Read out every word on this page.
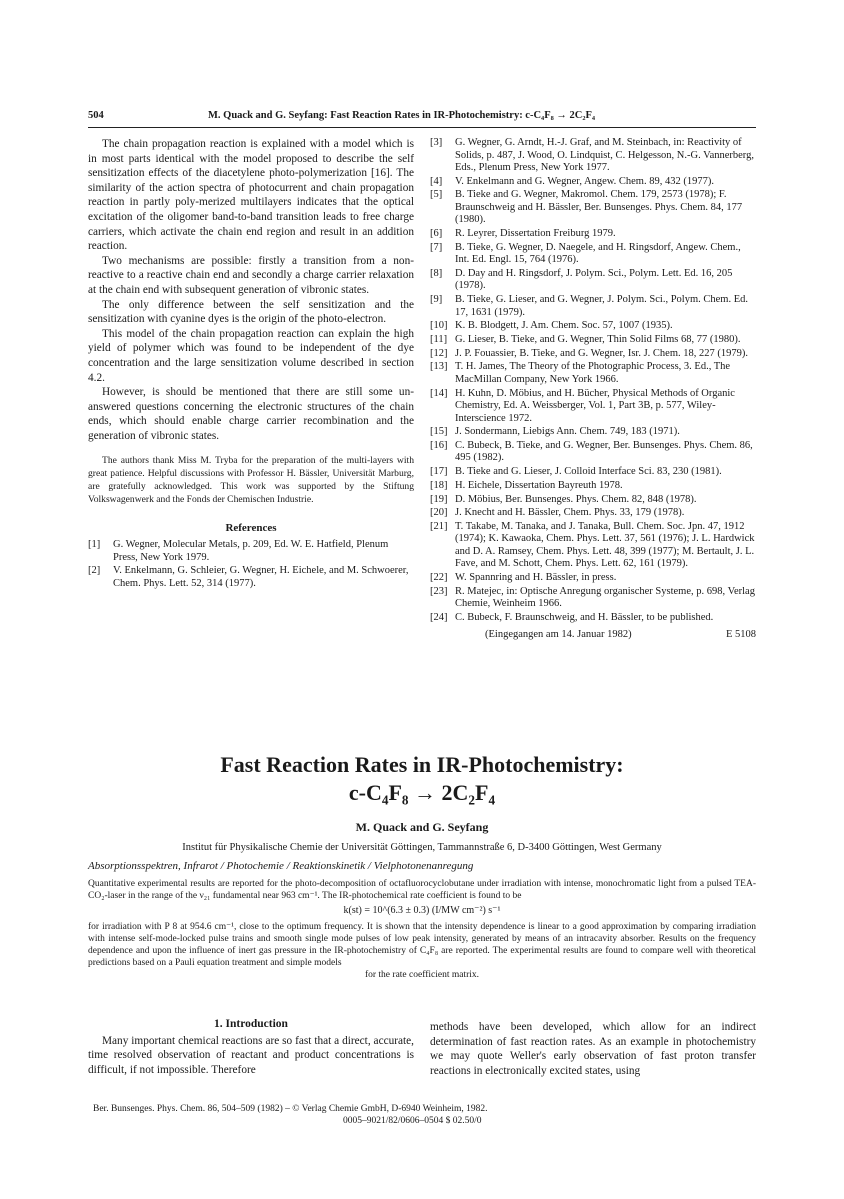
504	M. Quack and G. Seyfang: Fast Reaction Rates in IR-Photochemistry: c-C₄F₈ → 2C₂F₄

The chain propagation reaction is explained with a model which is in most parts identical with the model proposed to describe the self sensitization effects of the diacetylene photo-polymerization [16]. The similarity of the action spectra of photocurrent and chain propagation reaction in partly poly-merized multilayers indicates that the optical excitation of the oligomer band-to-band transition leads to free charge carriers, which activate the chain end region and result in an addition reaction.

Two mechanisms are possible: firstly a transition from a non-reactive to a reactive chain end and secondly a charge carrier relaxation at the chain end with subsequent generation of vibronic states.

The only difference between the self sensitization and the sensitization with cyanine dyes is the origin of the photo-electron.

This model of the chain propagation reaction can explain the high yield of polymer which was found to be independent of the dye concentration and the large sensitization volume described in section 4.2.

However, is should be mentioned that there are still some un-answered questions concerning the electronic structures of the chain ends, which should enable charge carrier recombination and the generation of vibronic states.

The authors thank Miss M. Tryba for the preparation of the multi-layers with great patience. Helpful discussions with Professor H. Bässler, Universität Marburg, are gratefully acknowledged. This work was supported by the Stiftung Volkswagenwerk and the Fonds der Chemischen Industrie.
References
[1]	G. Wegner, Molecular Metals, p. 209, Ed. W. E. Hatfield, Plenum Press, New York 1979.
[2]	V. Enkelmann, G. Schleier, G. Wegner, H. Eichele, and M. Schwoerer, Chem. Phys. Lett. 52, 314 (1977).
[3]	G. Wegner, G. Arndt, H.-J. Graf, and M. Steinbach, in: Reactivity of Solids, p. 487, J. Wood, O. Lindquist, C. Helgesson, N.-G. Vannerberg, Eds., Plenum Press, New York 1977.
[4]	V. Enkelmann and G. Wegner, Angew. Chem. 89, 432 (1977).
[5]	B. Tieke and G. Wegner, Makromol. Chem. 179, 2573 (1978); F. Braunschweig and H. Bässler, Ber. Bunsenges. Phys. Chem. 84, 177 (1980).
[6]	R. Leyrer, Dissertation Freiburg 1979.
[7]	B. Tieke, G. Wegner, D. Naegele, and H. Ringsdorf, Angew. Chem., Int. Ed. Engl. 15, 764 (1976).
[8]	D. Day and H. Ringsdorf, J. Polym. Sci., Polym. Lett. Ed. 16, 205 (1978).
[9]	B. Tieke, G. Lieser, and G. Wegner, J. Polym. Sci., Polym. Chem. Ed. 17, 1631 (1979).
[10] K. B. Blodgett, J. Am. Chem. Soc. 57, 1007 (1935).
[11] G. Lieser, B. Tieke, and G. Wegner, Thin Solid Films 68, 77 (1980).
[12] J. P. Fouassier, B. Tieke, and G. Wegner, Isr. J. Chem. 18, 227 (1979).
[13] T. H. James, The Theory of the Photographic Process, 3. Ed., The MacMillan Company, New York 1966.
[14] H. Kuhn, D. Möbius, and H. Bücher, Physical Methods of Organic Chemistry, Ed. A. Weissberger, Vol. 1, Part 3B, p. 577, Wiley-Interscience 1972.
[15] J. Sondermann, Liebigs Ann. Chem. 749, 183 (1971).
[16] C. Bubeck, B. Tieke, and G. Wegner, Ber. Bunsenges. Phys. Chem. 86, 495 (1982).
[17] B. Tieke and G. Lieser, J. Colloid Interface Sci. 83, 230 (1981).
[18] H. Eichele, Dissertation Bayreuth 1978.
[19] D. Möbius, Ber. Bunsenges. Phys. Chem. 82, 848 (1978).
[20] J. Knecht and H. Bässler, Chem. Phys. 33, 179 (1978).
[21] T. Takabe, M. Tanaka, and J. Tanaka, Bull. Chem. Soc. Jpn. 47, 1912 (1974); K. Kawaoka, Chem. Phys. Lett. 37, 561 (1976); J. L. Hardwick and D. A. Ramsey, Chem. Phys. Lett. 48, 399 (1977); M. Bertault, J. L. Fave, and M. Schott, Chem. Phys. Lett. 62, 161 (1979).
[22] W. Spannring and H. Bässler, in press.
[23] R. Matejec, in: Optische Anregung organischer Systeme, p. 698, Verlag Chemie, Weinheim 1966.
[24] C. Bubeck, F. Braunschweig, and H. Bässler, to be published.
(Eingegangen am 14. Januar 1982)	E 5108
Fast Reaction Rates in IR-Photochemistry:
c-C₄F₈ → 2C₂F₄
M. Quack and G. Seyfang
Institut für Physikalische Chemie der Universität Göttingen, Tammannstraße 6, D-3400 Göttingen, West Germany
Absorptionsspektren, Infrarot / Photochemie / Reaktionskinetik / Vielphotonenanregung
Quantitative experimental results are reported for the photo-decomposition of octafluorocyclobutane under irradiation with intense, monochromatic light from a pulsed TEA-CO₂-laser in the range of the ν₂₁ fundamental near 963 cm⁻¹. The IR-photochemical rate coefficient is found to be
k(st) = 10^(6.3 ± 0.3) (I/MW cm⁻²) s⁻¹
for irradiation with P 8 at 954.6 cm⁻¹, close to the optimum frequency. It is shown that the intensity dependence is linear to a good approximation by comparing irradiation with intense self-mode-locked pulse trains and smooth single mode pulses of low peak intensity, generated by means of an intracavity absorber. Results on the frequency dependence and upon the influence of inert gas pressure in the IR-photochemistry of C₄F₈ are reported. The experimental results are found to compare well with theoretical predictions based on a Pauli equation treatment and simple models
for the rate coefficient matrix.
1. Introduction

Many important chemical reactions are so fast that a direct, accurate, time resolved observation of reactant and product concentrations is difficult, if not impossible. Therefore

methods have been developed, which allow for an indirect determination of fast reaction rates. As an example in photochemistry we may quote Weller's early observation of fast proton transfer reactions in electronically excited states, using

Ber. Bunsenges. Phys. Chem. 86, 504–509 (1982) – © Verlag Chemie GmbH, D-6940 Weinheim, 1982.
0005–9021/82/0606–0504 $ 02.50/0
